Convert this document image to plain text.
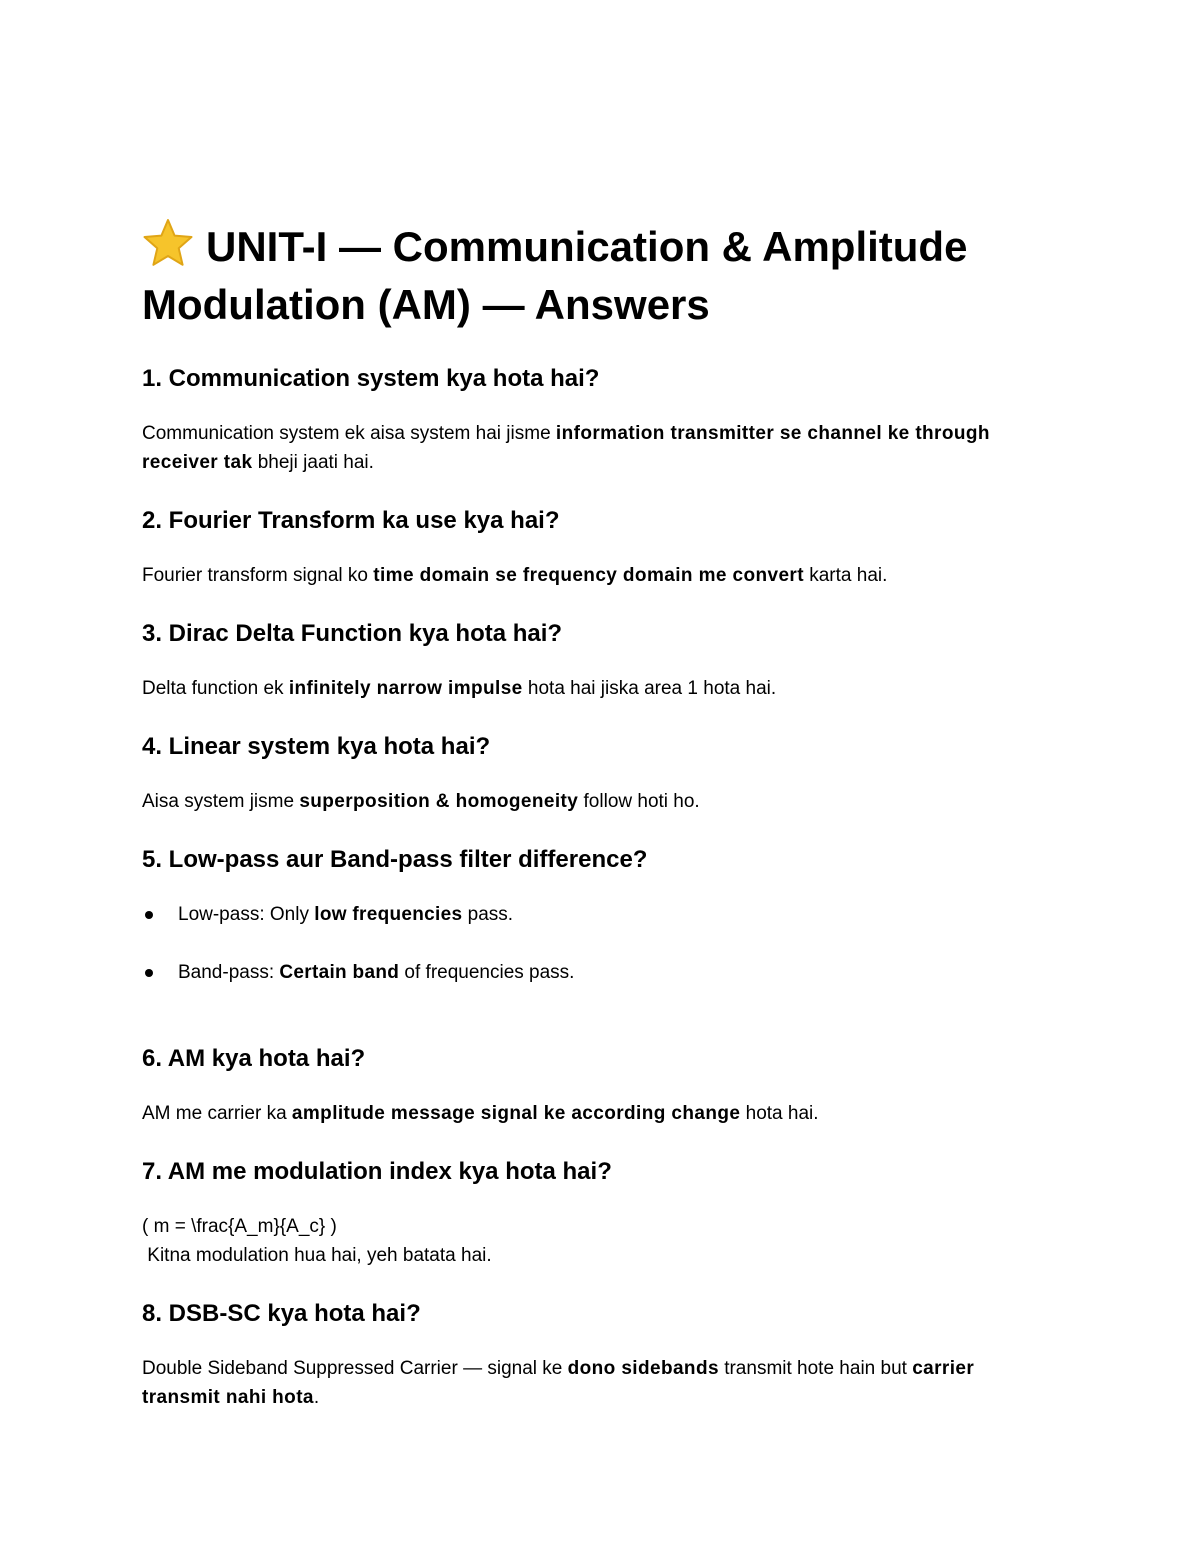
UNIT-I — Communication & Amplitude
Modulation (AM) — Answers
1. Communication system kya hota hai?

Communication system ek aisa system hai jisme information transmitter se channel ke through receiver tak bheji jaati hai.

2. Fourier Transform ka use kya hai?

Fourier transform signal ko time domain se frequency domain me convert karta hai.

3. Dirac Delta Function kya hota hai?

Delta function ek infinitely narrow impulse hota hai jiska area 1 hota hai.

4. Linear system kya hota hai?

Aisa system jisme superposition & homogeneity follow hoti ho.

5. Low-pass aur Band-pass filter difference?
Low-pass: Only low frequencies pass.
Band-pass: Certain band of frequencies pass.
6. AM kya hota hai?

AM me carrier ka amplitude message signal ke according change hota hai.

7. AM me modulation index kya hota hai?

( m = \frac{A_m}{A_c} )

Kitna modulation hua hai, yeh batata hai.

8. DSB-SC kya hota hai?

Double Sideband Suppressed Carrier — signal ke dono sidebands transmit hote hain but carrier transmit nahi hota.
